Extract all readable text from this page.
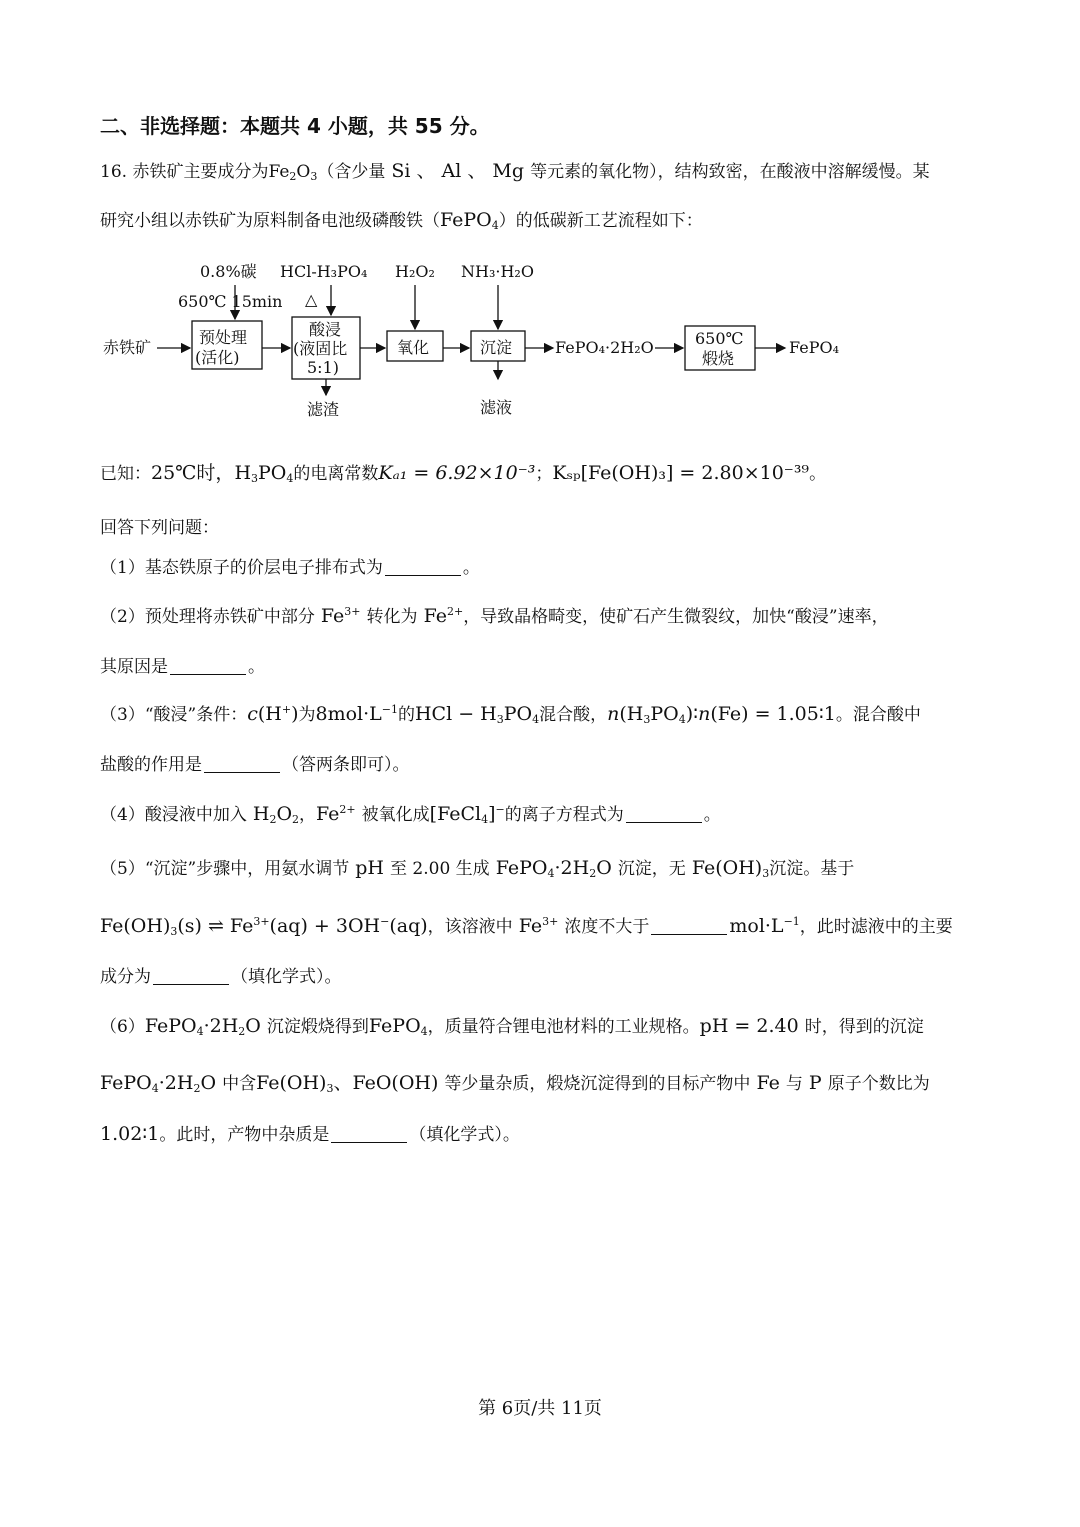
二、非选择题：本题共 4 小题，共 55 分。
16. 赤铁矿主要成分为$Fe_2O_3$（含少量 Si 、 Al 、 Mg 等元素的氧化物），结构致密，在酸液中溶解缓慢。某
研究小组以赤铁矿为原料制备电池级磷酸铁（FePO$_4$）的低碳新工艺流程如下：
赤铁矿
0.8%碳
650℃ 15min
预处理
(活化)
HCl-H₃PO₄
△
酸浸
(液固比
5:1)
滤渣
H₂O₂
氧化
NH₃·H₂O
沉淀
滤液
FePO₄·2H₂O	650℃
煅烧
FePO₄
已知：25℃时，$H_3PO_4$的电离常数Kₐ₁ = 6.92×10⁻³；Kₛₚ[Fe(OH)₃] = 2.80×10⁻³⁹。
回答下列问题：
（1）基态铁原子的价层电子排布式为	。
（2）预处理将赤铁矿中部分 $Fe^{3+}$ 转化为 $Fe^{2+}$，导致晶格畸变，使矿石产生微裂纹，加快“酸浸”速率，
其原因是	。
（3）“酸浸”条件：c(H+)为$8mol\cdot L^{-1}$的HCl − $H_3PO_4$混合酸，$n(H_3PO_4)∶n(Fe)$ = 1.05∶1。混合酸中
盐酸的作用是	（答两条即可）。
（4）酸浸液中加入 $H_2O_2$，$Fe^{2+}$ 被氧化成[FeCl$_4$]−的离子方程式为	。
（5）“沉淀”步骤中，用氨水调节 pH 至 2.00 生成 $FePO_4\cdot 2H_2O$ 沉淀，无 $Fe(OH)_3$沉淀。基于
$Fe(OH)_3(s)$ ⇌ $Fe^{3+}(aq) + 3OH^-(aq)$，该溶液中 $Fe^{3+}$ 浓度不大于	$mol\cdot L^{-1}$，此时滤液中的主要
成分为	（填化学式）。
$(6)FePO_4\cdot 2H_2O$ 沉淀煅烧得到FePO$_4$，质量符合锂电池材料的工业规格。pH = 2.40 时，得到的沉淀
$FePO_4\cdot 2H_2O$ 中含$Fe(OH)_3$、FeO(OH) 等少量杂质，煅烧沉淀得到的目标产物中 Fe 与 P 原子个数比为
1.02∶1。此时，产物中杂质是	（填化学式）。
第 6页/共 11页
